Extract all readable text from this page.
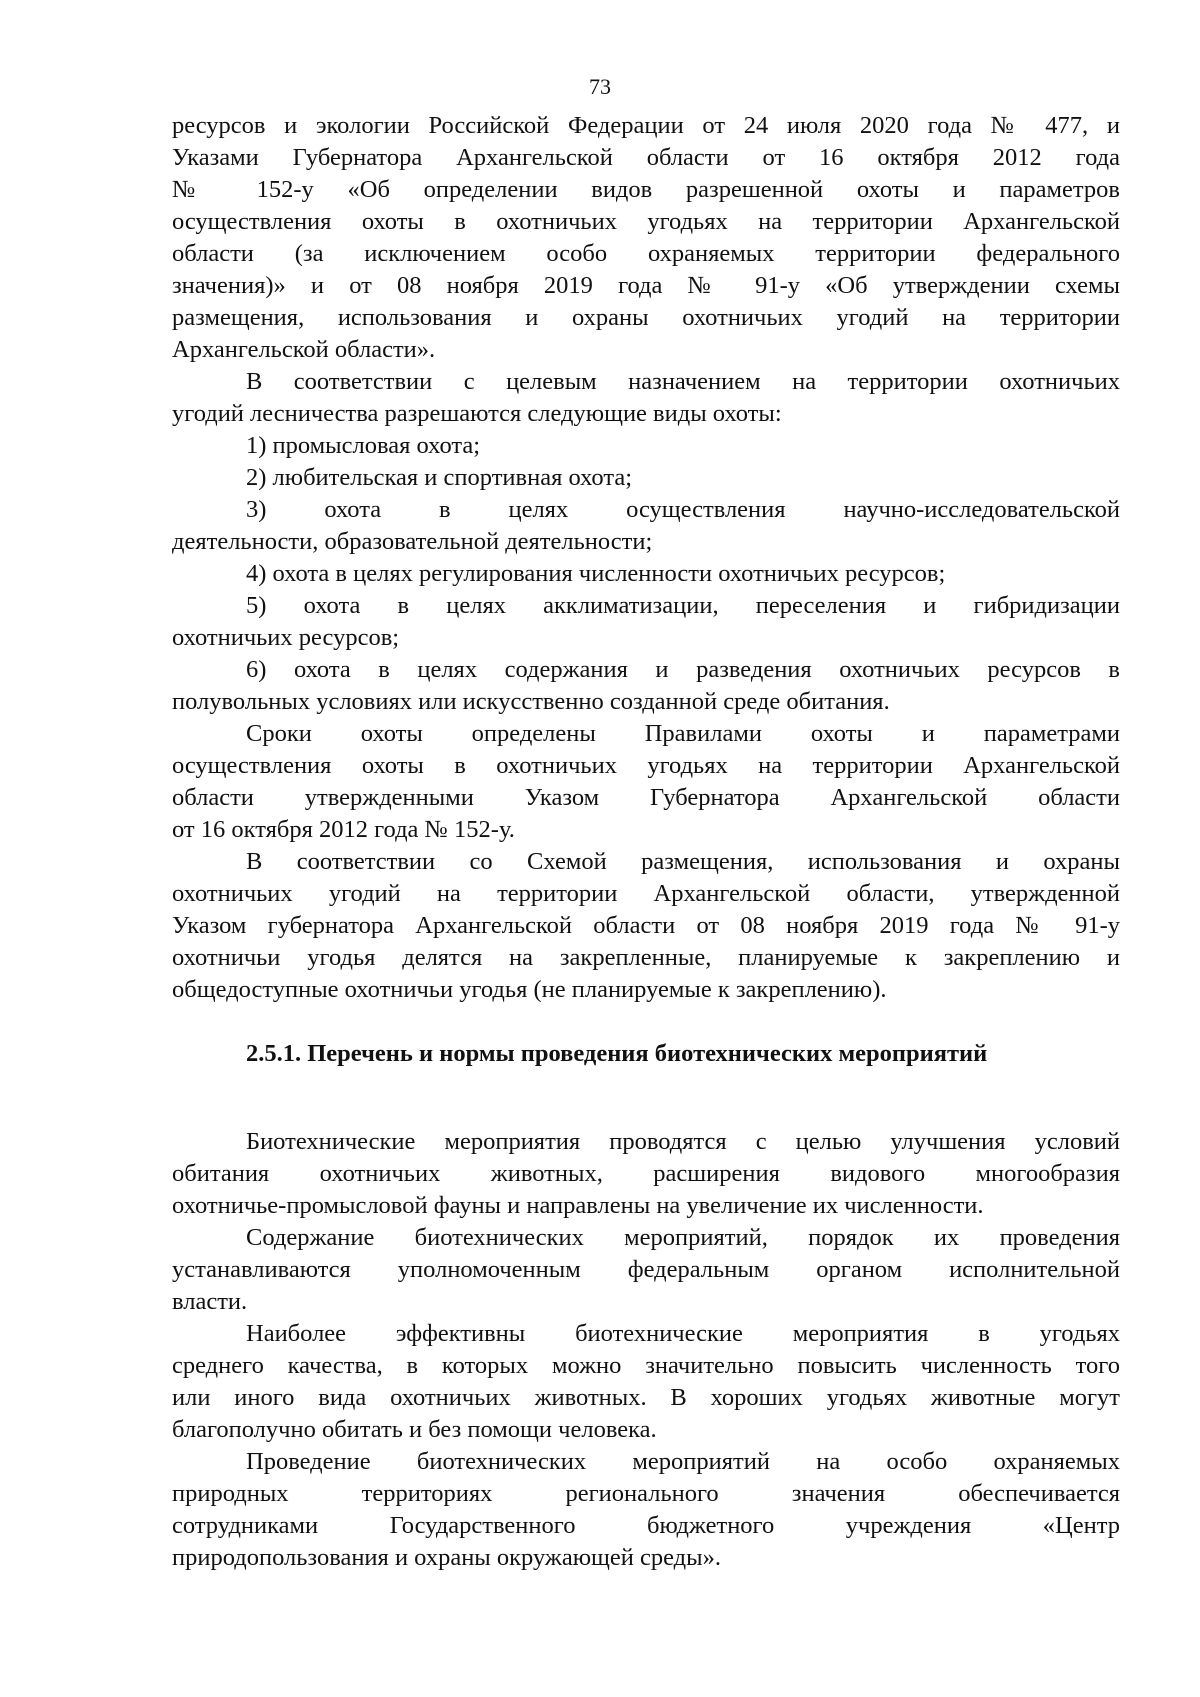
73
ресурсов и экологии Российской Федерации от 24 июля 2020 года № 477, и
Указами Губернатора Архангельской области от 16 октября 2012 года
№ 152-у «Об определении видов разрешенной охоты и параметров
осуществления охоты в охотничьих угодьях на территории Архангельской
области (за исключением особо охраняемых территории федерального
значения)» и от 08 ноября 2019 года № 91-у «Об утверждении схемы
размещения, использования и охраны охотничьих угодий на территории
Архангельской области».
В соответствии с целевым назначением на территории охотничьих
угодий лесничества разрешаются следующие виды охоты:
1) промысловая охота;
2) любительская и спортивная охота;
3) охота в целях осуществления научно-исследовательской
деятельности, образовательной деятельности;
4) охота в целях регулирования численности охотничьих ресурсов;
5) охота в целях акклиматизации, переселения и гибридизации
охотничьих ресурсов;
6) охота в целях содержания и разведения охотничьих ресурсов в
полувольных условиях или искусственно созданной среде обитания.
Сроки охоты определены Правилами охоты и параметрами
осуществления охоты в охотничьих угодьях на территории Архангельской
области утвержденными Указом Губернатора Архангельской области
от 16 октября 2012 года № 152-у.
В соответствии со Схемой размещения, использования и охраны
охотничьих угодий на территории Архангельской области, утвержденной
Указом губернатора Архангельской области от 08 ноября 2019 года № 91-у
охотничьи угодья делятся на закрепленные, планируемые к закреплению и
общедоступные охотничьи угодья (не планируемые к закреплению).
2.5.1. Перечень и нормы проведения биотехнических мероприятий
Биотехнические мероприятия проводятся с целью улучшения условий
обитания охотничьих животных, расширения видового многообразия
охотничье-промысловой фауны и направлены на увеличение их численности.
Содержание биотехнических мероприятий, порядок их проведения
устанавливаются уполномоченным федеральным органом исполнительной
власти.
Наиболее эффективны биотехнические мероприятия в угодьях
среднего качества, в которых можно значительно повысить численность того
или иного вида охотничьих животных. В хороших угодьях животные могут
благополучно обитать и без помощи человека.
Проведение биотехнических мероприятий на особо охраняемых
природных территориях регионального значения обеспечивается
сотрудниками Государственного бюджетного учреждения «Центр
природопользования и охраны окружающей среды».
